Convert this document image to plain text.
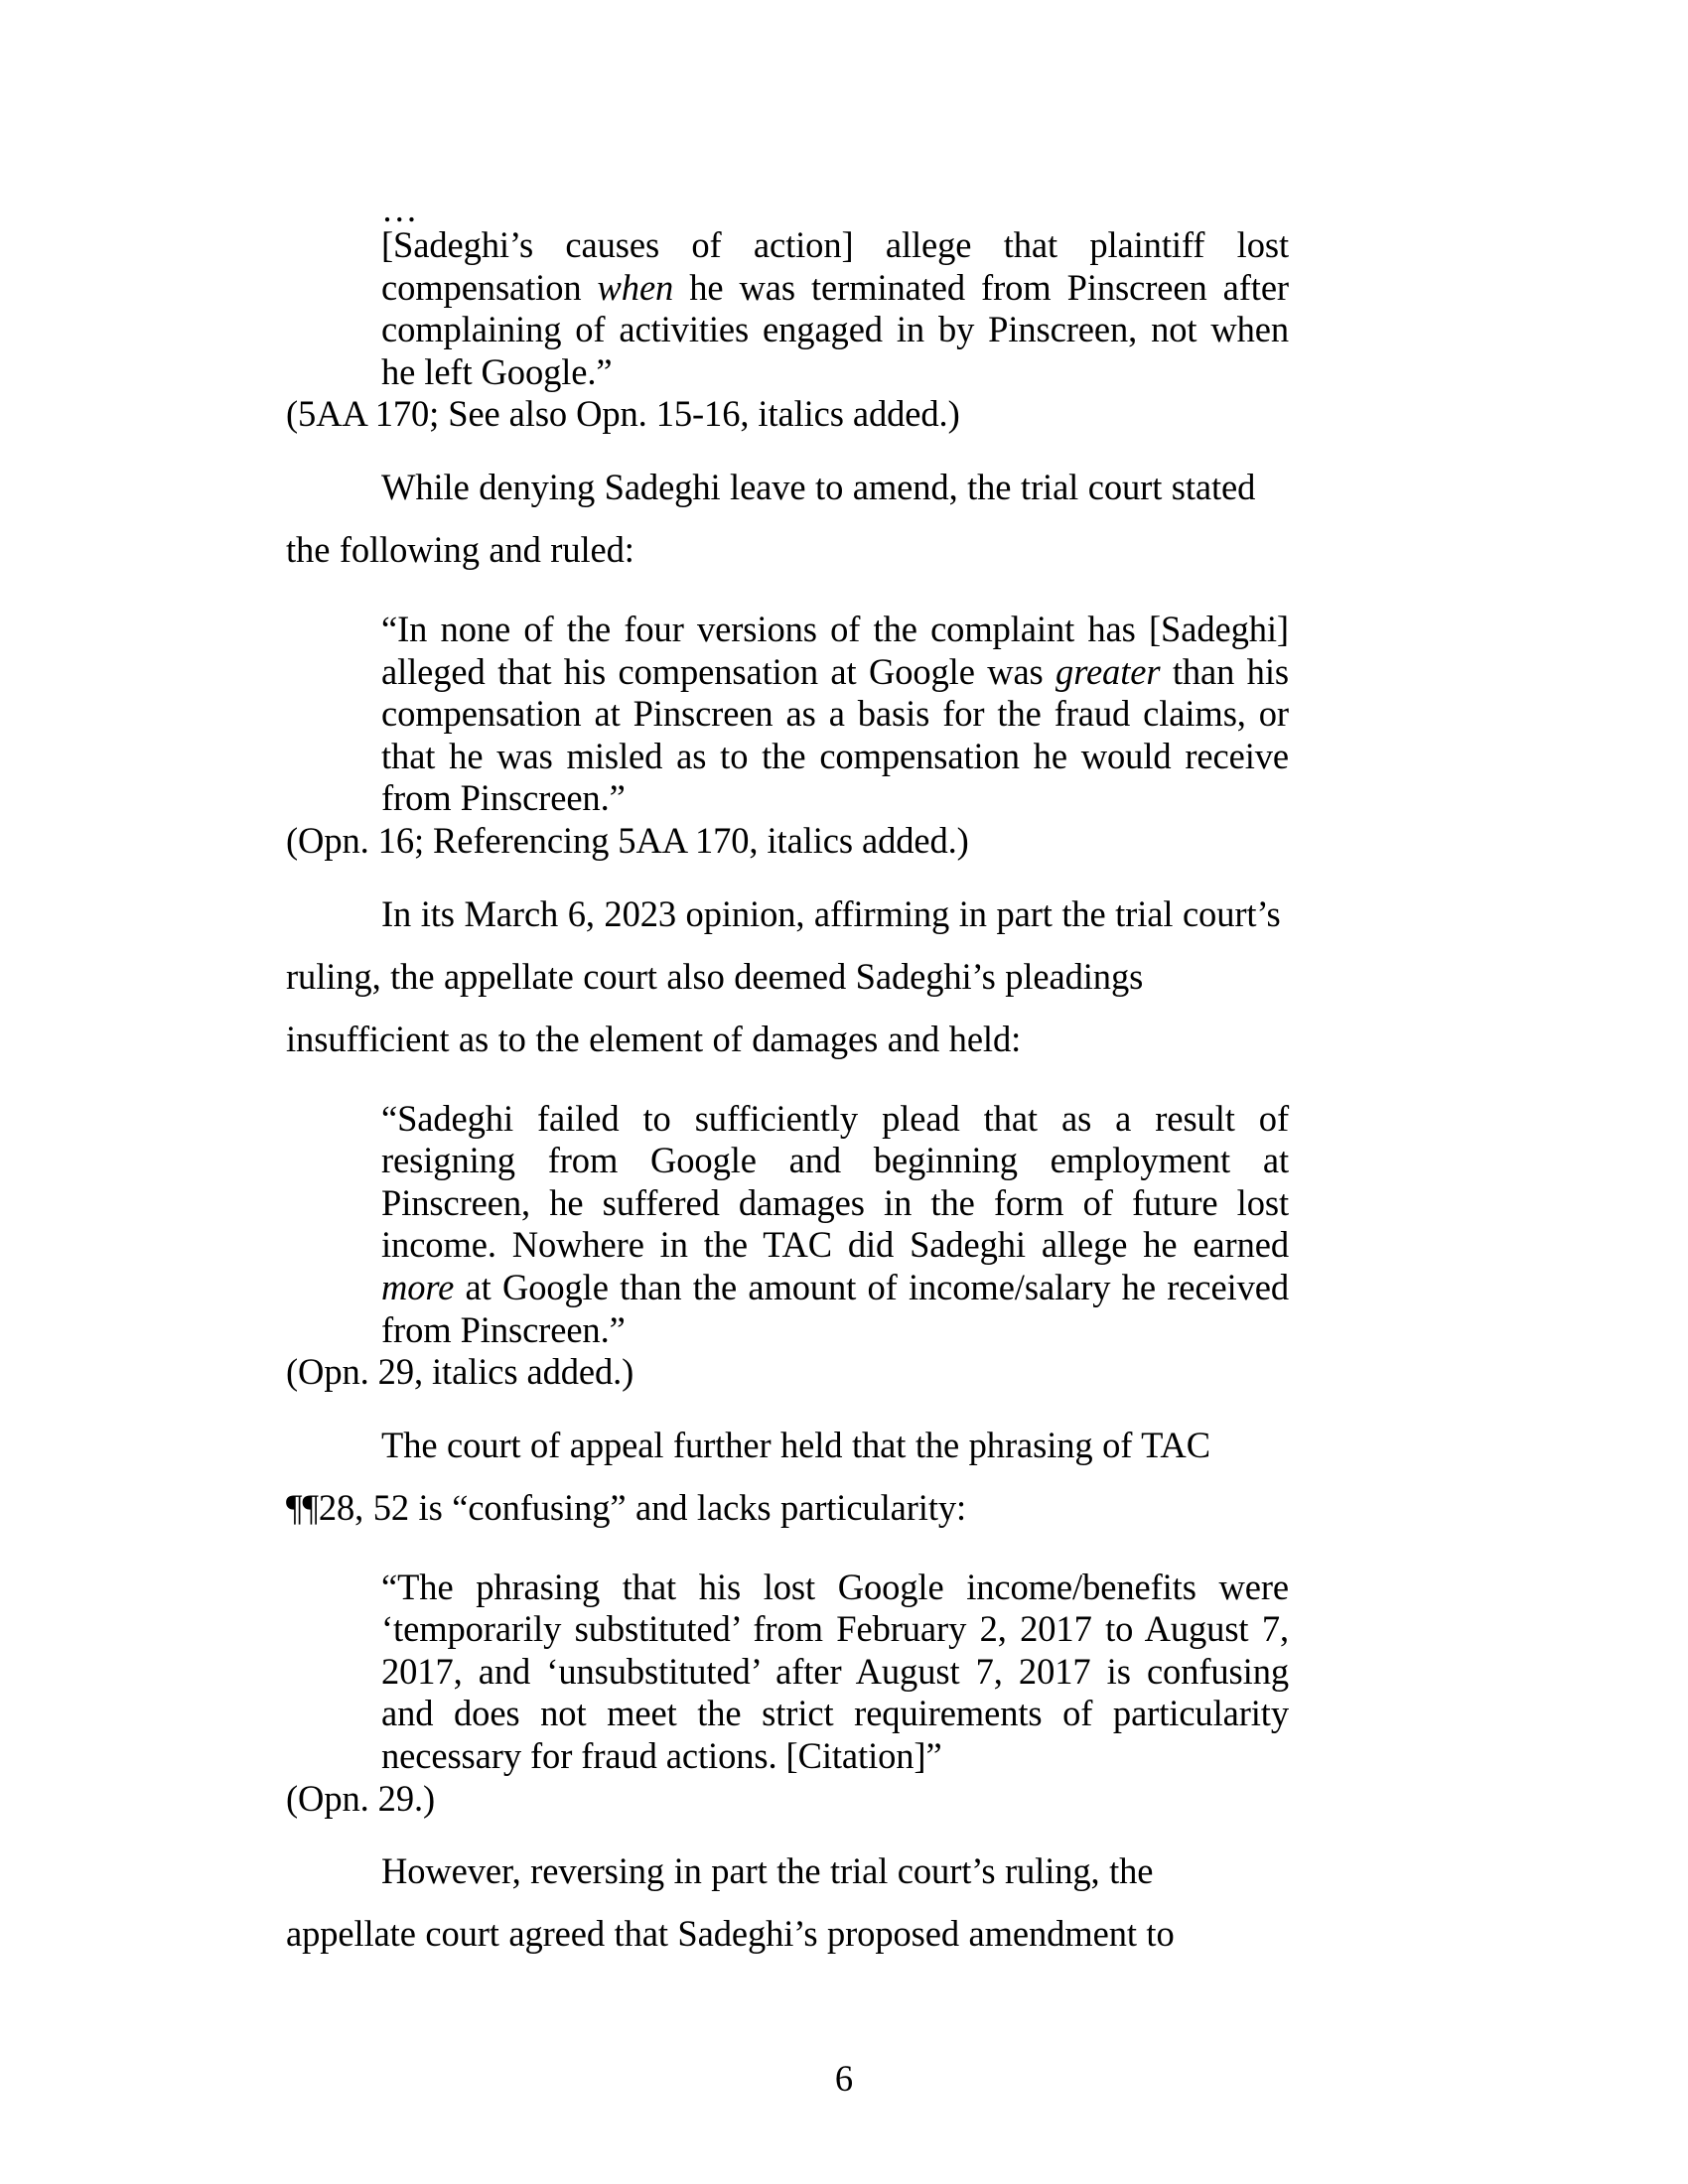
…
[Sadeghi’s causes of action] allege that plaintiff lost compensation when he was terminated from Pinscreen after complaining of activities engaged in by Pinscreen, not when he left Google.”
(5AA 170; See also Opn. 15-16, italics added.)

While denying Sadeghi leave to amend, the trial court stated the following and ruled:

“In none of the four versions of the complaint has [Sadeghi] alleged that his compensation at Google was greater than his compensation at Pinscreen as a basis for the fraud claims, or that he was misled as to the compensation he would receive from Pinscreen.”
(Opn. 16; Referencing 5AA 170, italics added.)

In its March 6, 2023 opinion, affirming in part the trial court’s ruling, the appellate court also deemed Sadeghi’s pleadings insufficient as to the element of damages and held:

“Sadeghi failed to sufficiently plead that as a result of resigning from Google and beginning employment at Pinscreen, he suffered damages in the form of future lost income. Nowhere in the TAC did Sadeghi allege he earned more at Google than the amount of income/salary he received from Pinscreen.”
(Opn. 29, italics added.)

The court of appeal further held that the phrasing of TAC ¶¶28, 52 is “confusing” and lacks particularity:

“The phrasing that his lost Google income/benefits were ‘temporarily substituted’ from February 2, 2017 to August 7, 2017, and ‘unsubstituted’ after August 7, 2017 is confusing and does not meet the strict requirements of particularity necessary for fraud actions. [Citation]”
(Opn. 29.)

However, reversing in part the trial court’s ruling, the appellate court agreed that Sadeghi’s proposed amendment to

6
